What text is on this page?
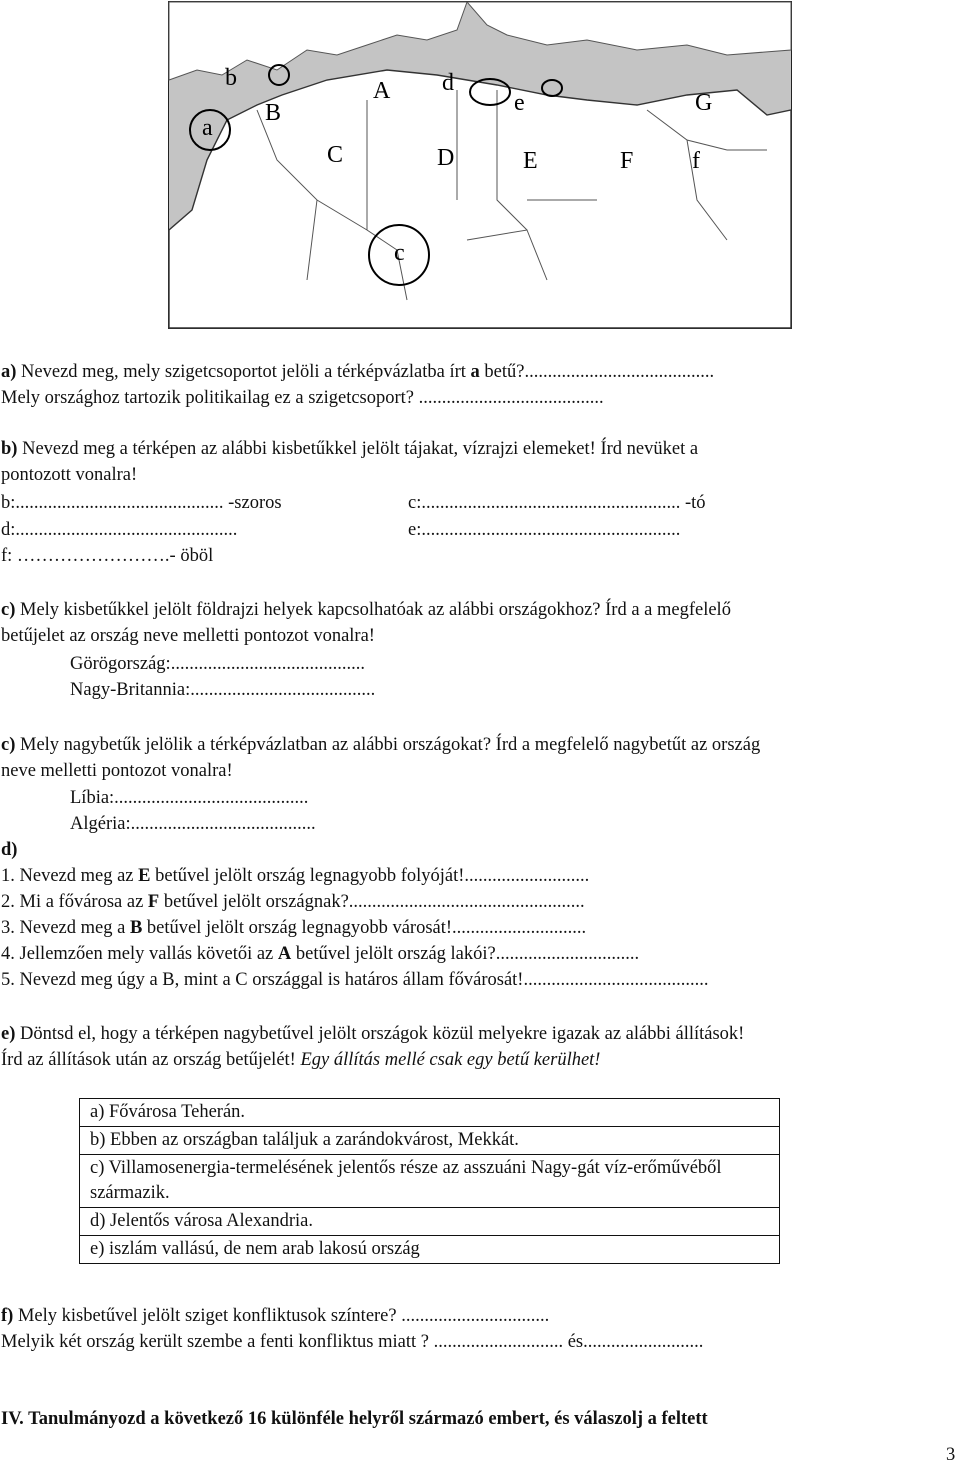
b
a
B
A d
e	G
C	D	E	F f
c
a) Nevezd meg, mely szigetcsoportot jelöli a térképvázlatba írt a betű?.........................................
Mely országhoz tartozik politikailag ez a szigetcsoport? ........................................
b) Nevezd meg a térképen az alábbi kisbetűkkel jelölt tájakat, vízrajzi elemeket! Írd nevüket a
pontozott vonalra!
b:............................................. -szoros	c:........................................................ -tó
d:................................................	e:........................................................
f: …………………….- öböl
c) Mely kisbetűkkel jelölt földrajzi helyek kapcsolhatóak az alábbi országokhoz? Írd a a megfelelő
betűjelet az ország neve melletti pontozot vonalra!
Görögország:..........................................
Nagy-Britannia:........................................
c) Mely nagybetűk jelölik a térképvázlatban az alábbi országokat? Írd a megfelelő nagybetűt az ország
neve melletti pontozot vonalra!
Líbia:..........................................
Algéria:........................................
d)
1. Nevezd meg az E betűvel jelölt ország legnagyobb folyóját!...........................
2. Mi a fővárosa az F betűvel jelölt országnak?...................................................
3. Nevezd meg a B betűvel jelölt ország legnagyobb városát!.............................
4. Jellemzően mely vallás követői az A betűvel jelölt ország lakói?...............................
5. Nevezd meg úgy a B, mint a C országgal is határos állam fővárosát!........................................
e) Döntsd el, hogy a térképen nagybetűvel jelölt országok közül melyekre igazak az alábbi állítások!
Írd az állítások után az ország betűjelét! Egy állítás mellé csak egy betű kerülhet!
a) Fővárosa Teherán.
b) Ebben az országban találjuk a zarándokvárost, Mekkát.
c) Villamosenergia-termelésének jelentős része az asszuáni Nagy-gát víz-erőművéből származik.
d) Jelentős városa Alexandria.
e) iszlám vallású, de nem arab lakosú ország
f) Mely kisbetűvel jelölt sziget konfliktusok színtere? ................................
Melyik két ország került szembe a fenti konfliktus miatt ? ............................ és..........................
IV. Tanulmányozd a következő 16 különféle helyről származó embert, és válaszolj a feltett
3
